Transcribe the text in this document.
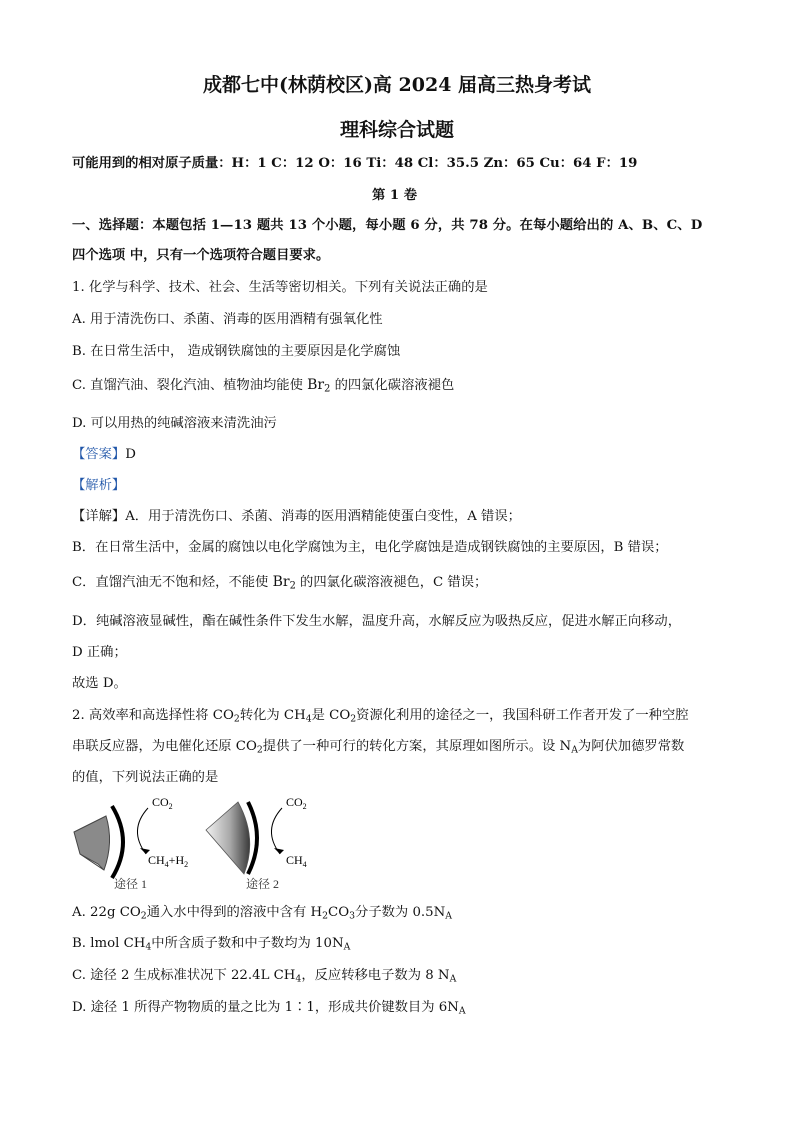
成都七中(林荫校区)高 2024 届高三热身考试
理科综合试题
可能用到的相对原子质量：H：1 C：12 O：16 Ti：48 Cl：35.5 Zn：65 Cu：64 F：19
第 1 卷
一、选择题：本题包括 1—13 题共 13 个小题，每小题 6 分，共 78 分。在每小题给出的 A、B、C、D
四个选项 中，只有一个选项符合题目要求。
1. 化学与科学、技术、社会、生活等密切相关。下列有关说法正确的是
A. 用于清洗伤口、杀菌、消毒的医用酒精有强氧化性
B. 在日常生活中， 造成钢铁腐蚀的主要原因是化学腐蚀
C. 直馏汽油、裂化汽油、植物油均能使 $Br_2$ 的四氯化碳溶液褪色
D. 可以用热的纯碱溶液来清洗油污
【答案】D
【解析】
【详解】A．用于清洗伤口、杀菌、消毒的医用酒精能使蛋白变性，A 错误；
B．在日常生活中，金属的腐蚀以电化学腐蚀为主，电化学腐蚀是造成钢铁腐蚀的主要原因，B 错误；
C．直馏汽油无不饱和烃，不能使 $Br_2$ 的四氯化碳溶液褪色，C 错误；
D．纯碱溶液显碱性，酯在碱性条件下发生水解，温度升高，水解反应为吸热反应，促进水解正向移动，
D 正确；
故选 D。
2. 高效率和高选择性将 $CO_2$转化为 $CH_4$是 $CO_2$资源化利用的途径之一，我国科研工作者开发了一种空腔
串联反应器，为电催化还原 $CO_2$提供了一种可行的转化方案，其原理如图所示。设 $N_A$为阿伏加德罗常数
的值，下列说法正确的是
$CO_2$
$CH_4+H_2$
途径 1
$CO_2$
$CH_4$
途径 2
A. 22g $CO_2$通入水中得到的溶液中含有 $H_2CO_3$分子数为 $0.5N_A$
B. lmol $CH_4$中所含质子数和中子数均为 $10N_A$
C. 途径 2 生成标准状况下 22.4L $CH_4$，反应转移电子数为 8 $N_A$
D. 途径 1 所得产物物质的量之比为 1∶1，形成共价键数目为 $6N_A$
